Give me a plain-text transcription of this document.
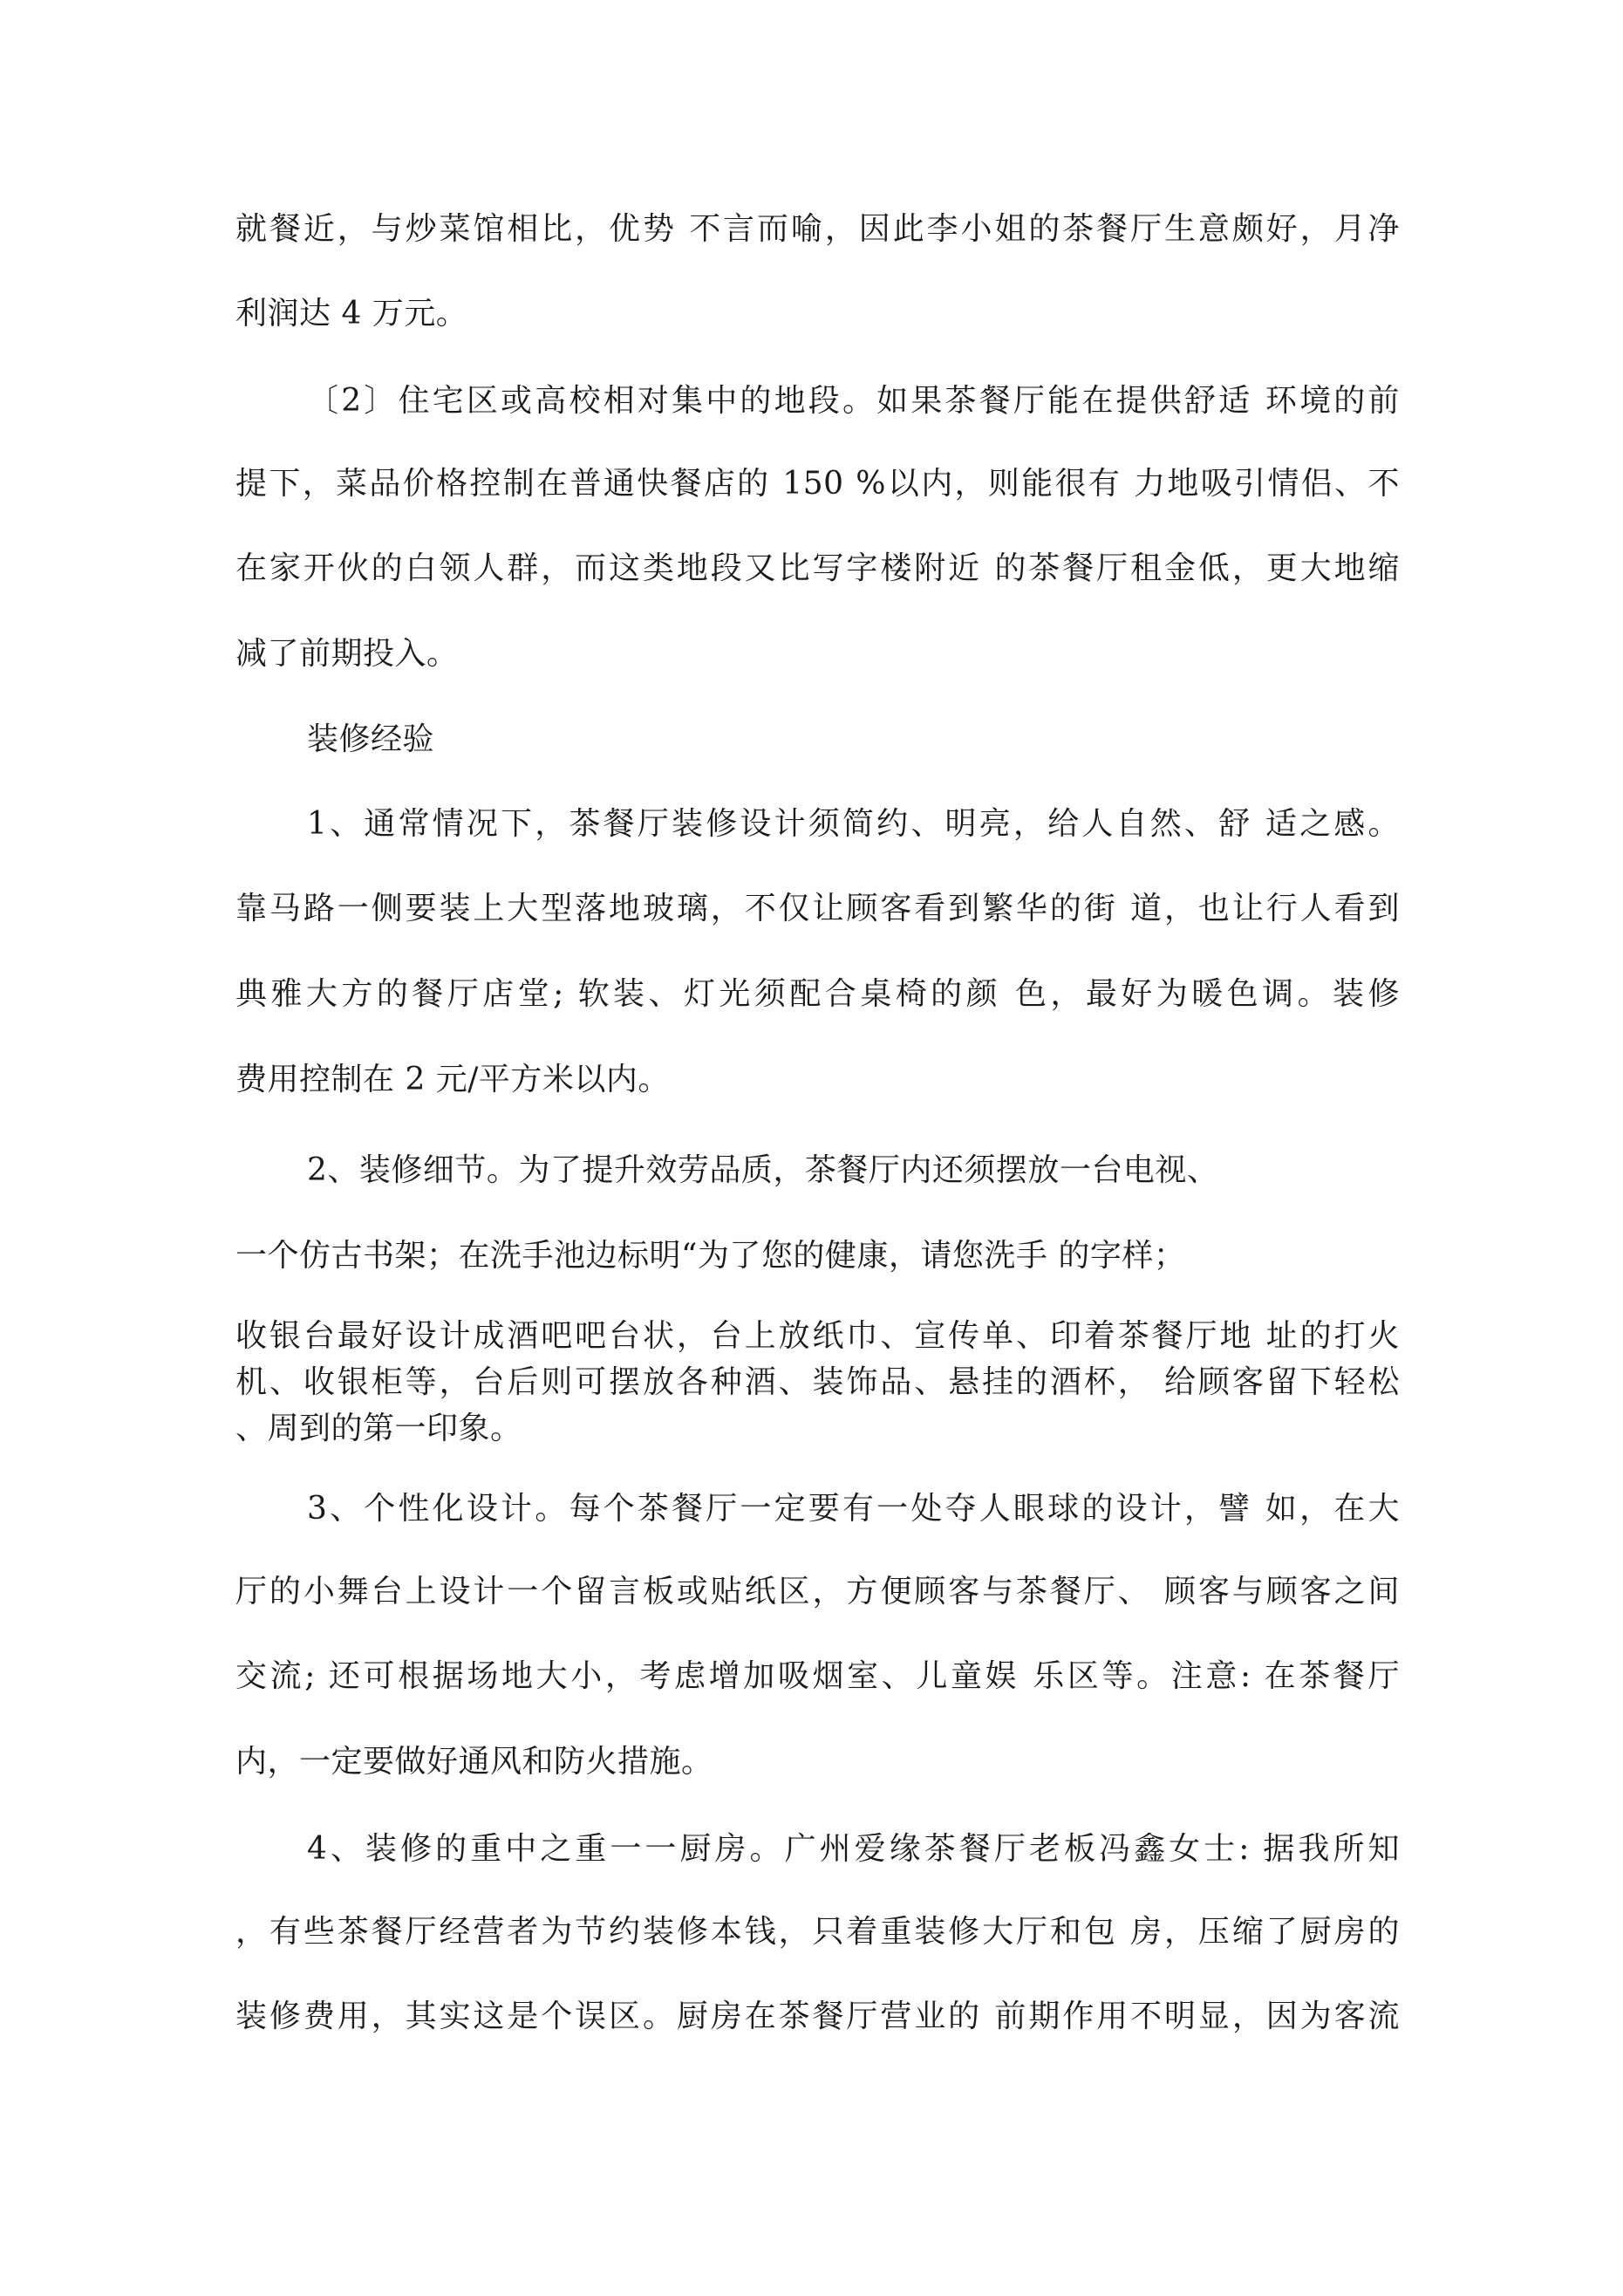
就餐近，与炒菜馆相比，优势 不言而喻，因此李小姐的茶餐厅生意颇好，月净
利润达 4 万元。
〔2〕住宅区或高校相对集中的地段。如果茶餐厅能在提供舒适 环境的前
提下，菜品价格控制在普通快餐店的 150 %以内，则能很有 力地吸引情侣、不
在家开伙的白领人群，而这类地段又比写字楼附近 的茶餐厅租金低，更大地缩
减了前期投入。
装修经验
1、通常情况下，茶餐厅装修设计须简约、明亮，给人自然、舒 适之感。
靠马路一侧要装上大型落地玻璃，不仅让顾客看到繁华的街 道，也让行人看到
典雅大方的餐厅店堂; 软装、灯光须配合桌椅的颜 色，最好为暖色调。装修
费用控制在 2 元/平方米以内。
2、装修细节。为了提升效劳品质，茶餐厅内还须摆放一台电视、
一个仿古书架；在洗手池边标明“为了您的健康，请您洗手 的字样；
收银台最好设计成酒吧吧台状，台上放纸巾、宣传单、印着茶餐厅地 址的打火
机、收银柜等，台后则可摆放各种酒、装饰品、悬挂的酒杯， 给顾客留下轻松
、周到的第一印象。
3、个性化设计。每个茶餐厅一定要有一处夺人眼球的设计，譬 如，在大
厅的小舞台上设计一个留言板或贴纸区，方便顾客与茶餐厅、 顾客与顾客之间
交流; 还可根据场地大小，考虑增加吸烟室、儿童娱 乐区等。注意: 在茶餐厅
内，一定要做好通风和防火措施。
4、装修的重中之重一一厨房。广州爱缘茶餐厅老板冯鑫女士: 据我所知
，有些茶餐厅经营者为节约装修本钱，只着重装修大厅和包 房，压缩了厨房的
装修费用，其实这是个误区。厨房在茶餐厅营业的 前期作用不明显，因为客流
